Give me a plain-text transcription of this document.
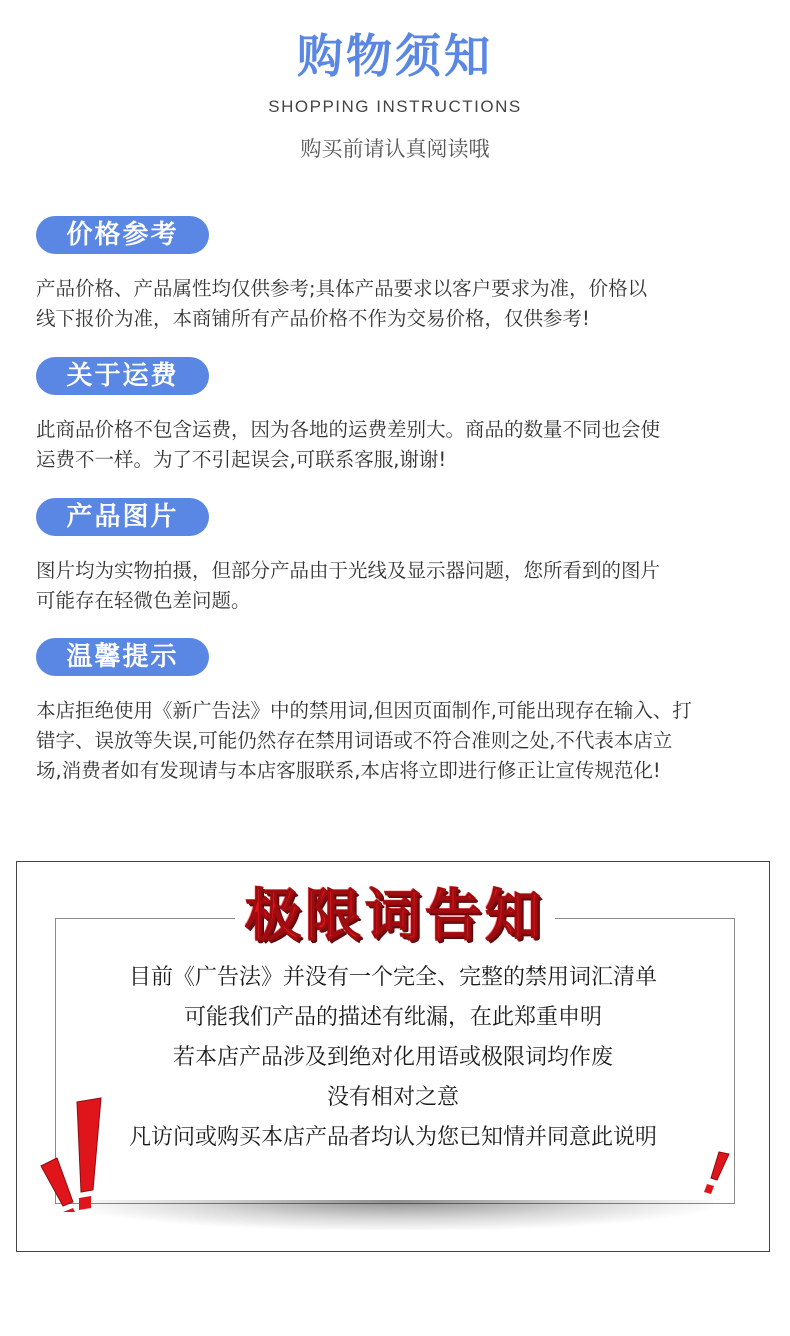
购物须知
SHOPPING INSTRUCTIONS
购买前请认真阅读哦
价格参考
产品价格、产品属性均仅供参考;具体产品要求以客户要求为准，价格以
线下报价为准，本商铺所有产品价格不作为交易价格，仅供参考!
关于运费
此商品价格不包含运费，因为各地的运费差别大。商品的数量不同也会使
运费不一样。为了不引起误会,可联系客服,谢谢!
产品图片
图片均为实物拍摄，但部分产品由于光线及显示器问题，您所看到的图片
可能存在轻微色差问题。
温馨提示
本店拒绝使用《新广告法》中的禁用词,但因页面制作,可能出现存在输入、打
错字、误放等失误,可能仍然存在禁用词语或不符合准则之处,不代表本店立
场,消费者如有发现请与本店客服联系,本店将立即进行修正让宣传规范化!
极限词告知
目前《广告法》并没有一个完全、完整的禁用词汇清单
可能我们产品的描述有纰漏，在此郑重申明
若本店产品涉及到绝对化用语或极限词均作废
没有相对之意
凡访问或购买本店产品者均认为您已知情并同意此说明
